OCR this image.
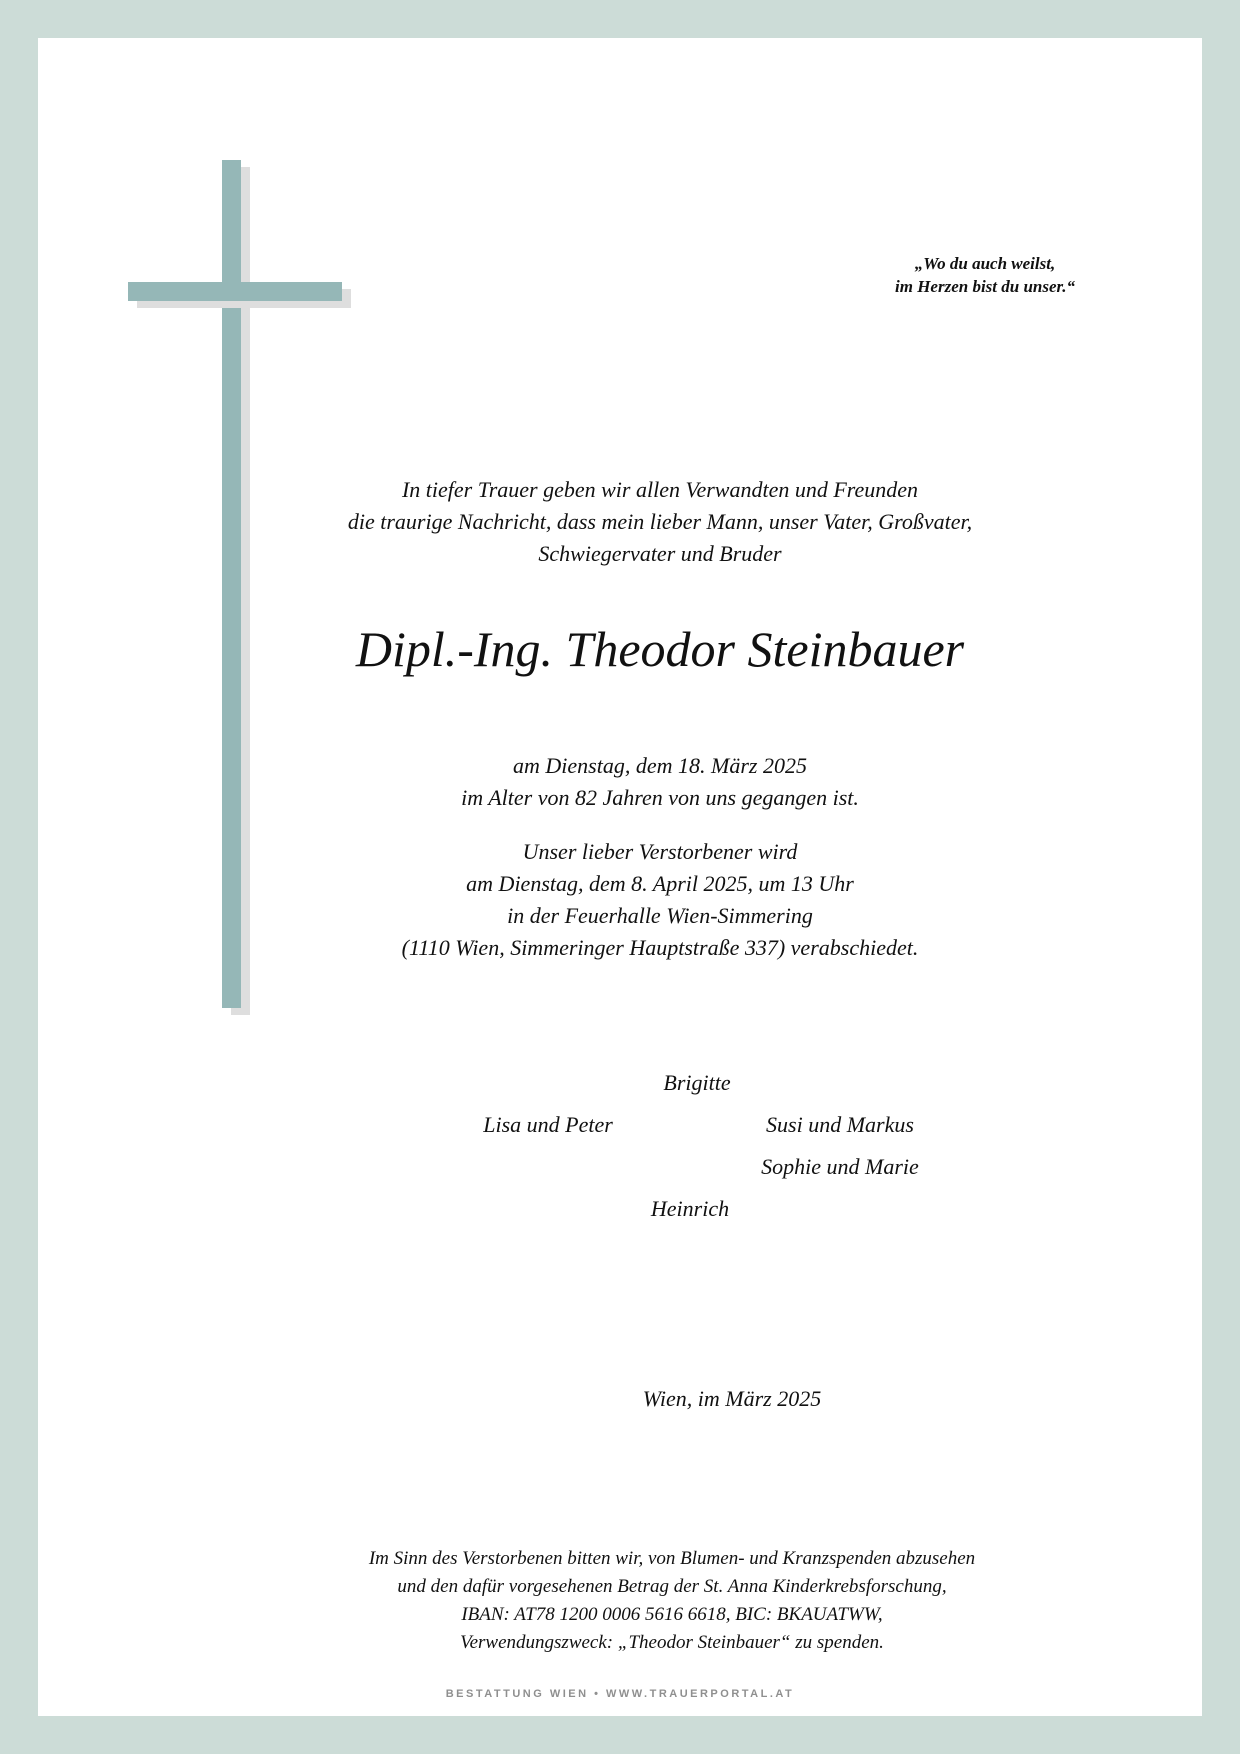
„Wo du auch weilst,
im Herzen bist du unser.“
In tiefer Trauer geben wir allen Verwandten und Freunden
die traurige Nachricht, dass mein lieber Mann, unser Vater, Großvater,
Schwiegervater und Bruder
Dipl.-Ing. Theodor Steinbauer
am Dienstag, dem 18. März 2025
im Alter von 82 Jahren von uns gegangen ist.
Unser lieber Verstorbener wird
am Dienstag, dem 8. April 2025, um 13 Uhr
in der Feuerhalle Wien-Simmering
(1110 Wien, Simmeringer Hauptstraße 337) verabschiedet.
Brigitte
Lisa und Peter	Susi und Markus
Sophie und Marie
Heinrich
Wien, im März 2025
Im Sinn des Verstorbenen bitten wir, von Blumen- und Kranzspenden abzusehen
und den dafür vorgesehenen Betrag der St. Anna Kinderkrebsforschung,
IBAN: AT78 1200 0006 5616 6618, BIC: BKAUATWW,
Verwendungszweck: „Theodor Steinbauer“ zu spenden.
BESTATTUNG WIEN • WWW.TRAUERPORTAL.AT
